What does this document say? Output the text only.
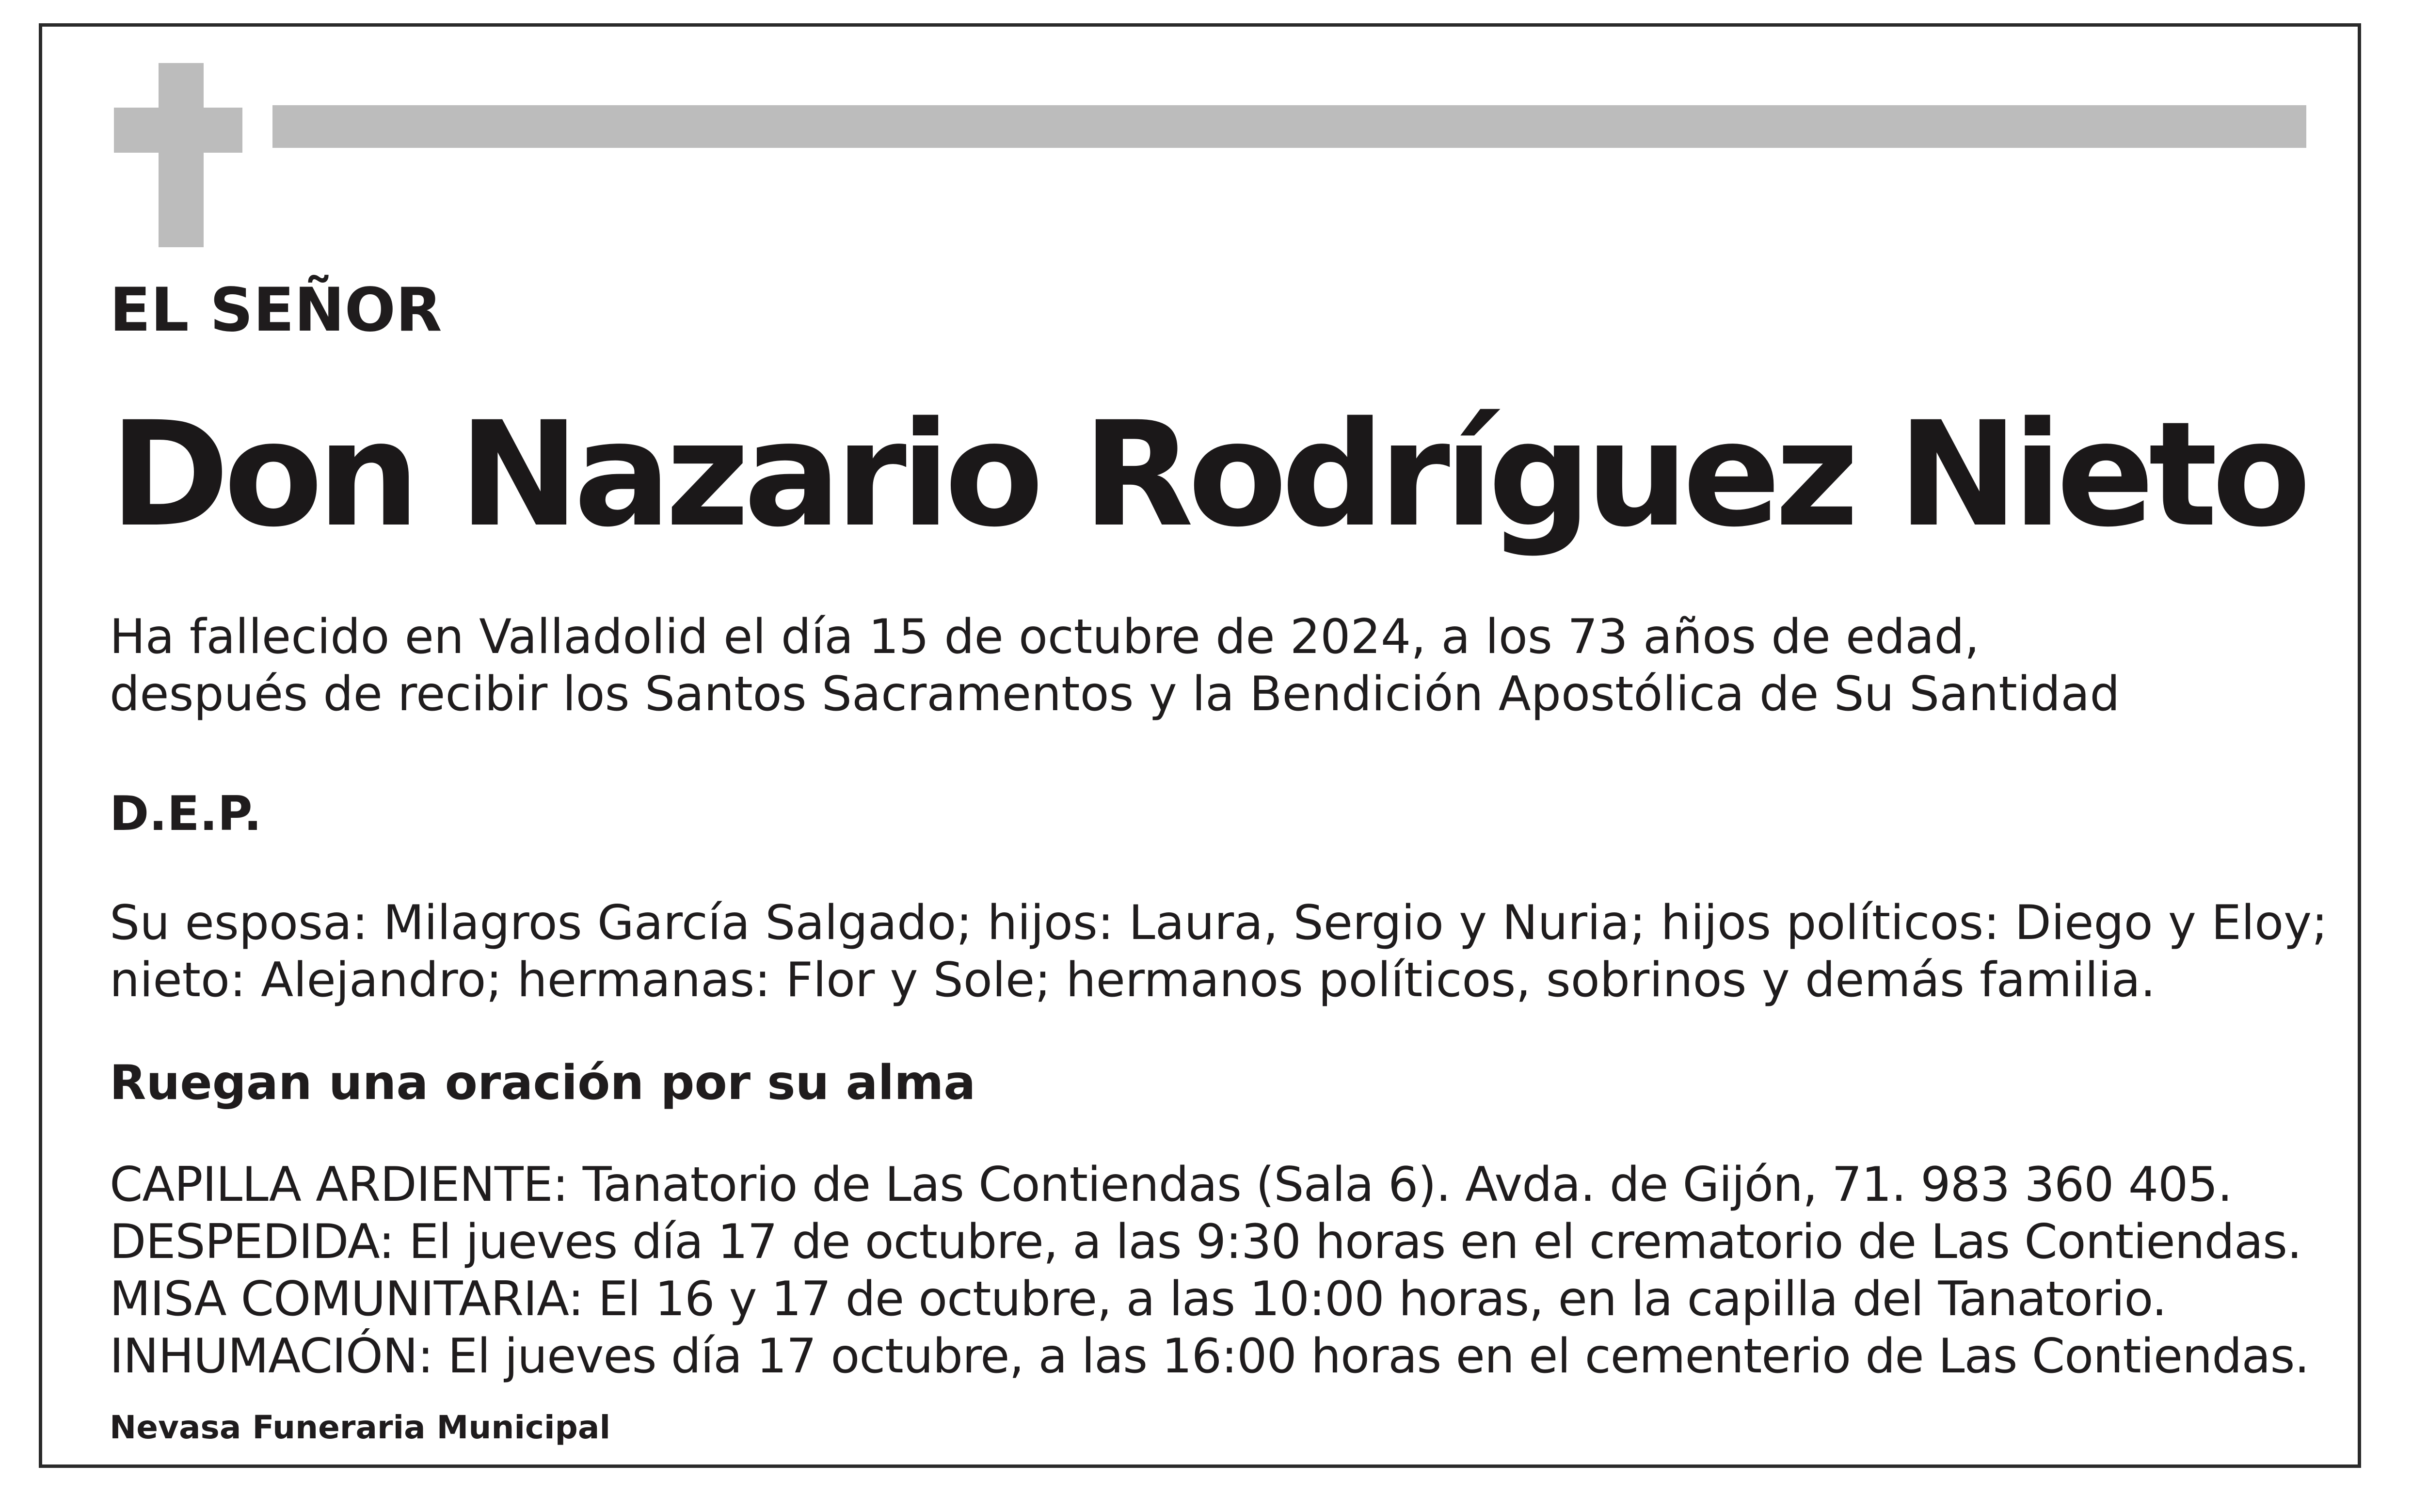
EL SEÑOR

Don Nazario Rodríguez Nieto

Ha fallecido en Valladolid el día 15 de octubre de 2024, a los 73 años de edad,
después de recibir los Santos Sacramentos y la Bendición Apostólica de Su Santidad

D.E.P.

Su esposa: Milagros García Salgado; hijos: Laura, Sergio y Nuria; hijos políticos: Diego y Eloy;
nieto: Alejandro; hermanas: Flor y Sole; hermanos políticos, sobrinos y demás familia.

Ruegan una oración por su alma

CAPILLA ARDIENTE: Tanatorio de Las Contiendas (Sala 6). Avda. de Gijón, 71. 983 360 405.
DESPEDIDA: El jueves día 17 de octubre, a las 9:30 horas en el crematorio de Las Contiendas.
MISA COMUNITARIA: El 16 y 17 de octubre, a las 10:00 horas, en la capilla del Tanatorio.
INHUMACIÓN: El jueves día 17 octubre, a las 16:00 horas en el cementerio de Las Contiendas.

Nevasa Funeraria Municipal
